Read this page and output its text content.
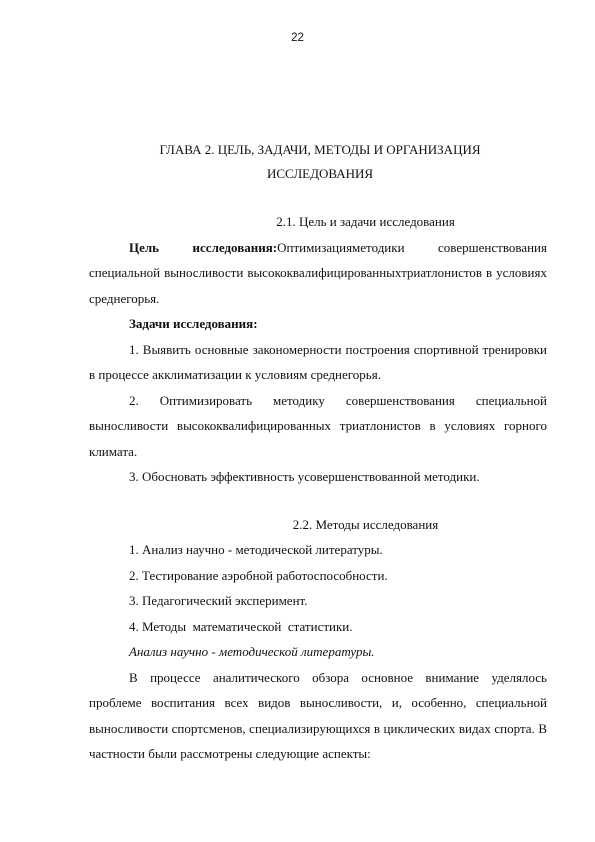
22
ГЛАВА 2. ЦЕЛЬ, ЗАДАЧИ, МЕТОДЫ И ОРГАНИЗАЦИЯ
ИССЛЕДОВАНИЯ

2.1. Цель и задачи исследования

Цель исследования:Оптимизацияметодики совершенствования специальной выносливости высококвалифицированныхтриатлонистов в условиях среднегорья.

Задачи исследования:

1. Выявить основные закономерности построения спортивной тренировки в процессе акклиматизации к условиям среднегорья.

2. Оптимизировать методику совершенствования специальной выносливости высококвалифицированных триатлонистов в условиях горного климата.

3. Обосновать эффективность усовершенствованной методики.

2.2. Методы исследования

1. Анализ научно - методической литературы.

2. Тестирование аэробной работоспособности.

3. Педагогический эксперимент.

4. Методы  математической  статистики.

Анализ научно - методической литературы.

В процессе аналитического обзора основное внимание уделялось проблеме воспитания всех видов выносливости, и, особенно, специальной выносливости спортсменов, специализирующихся в циклических видах спорта. В частности были рассмотрены следующие аспекты:
